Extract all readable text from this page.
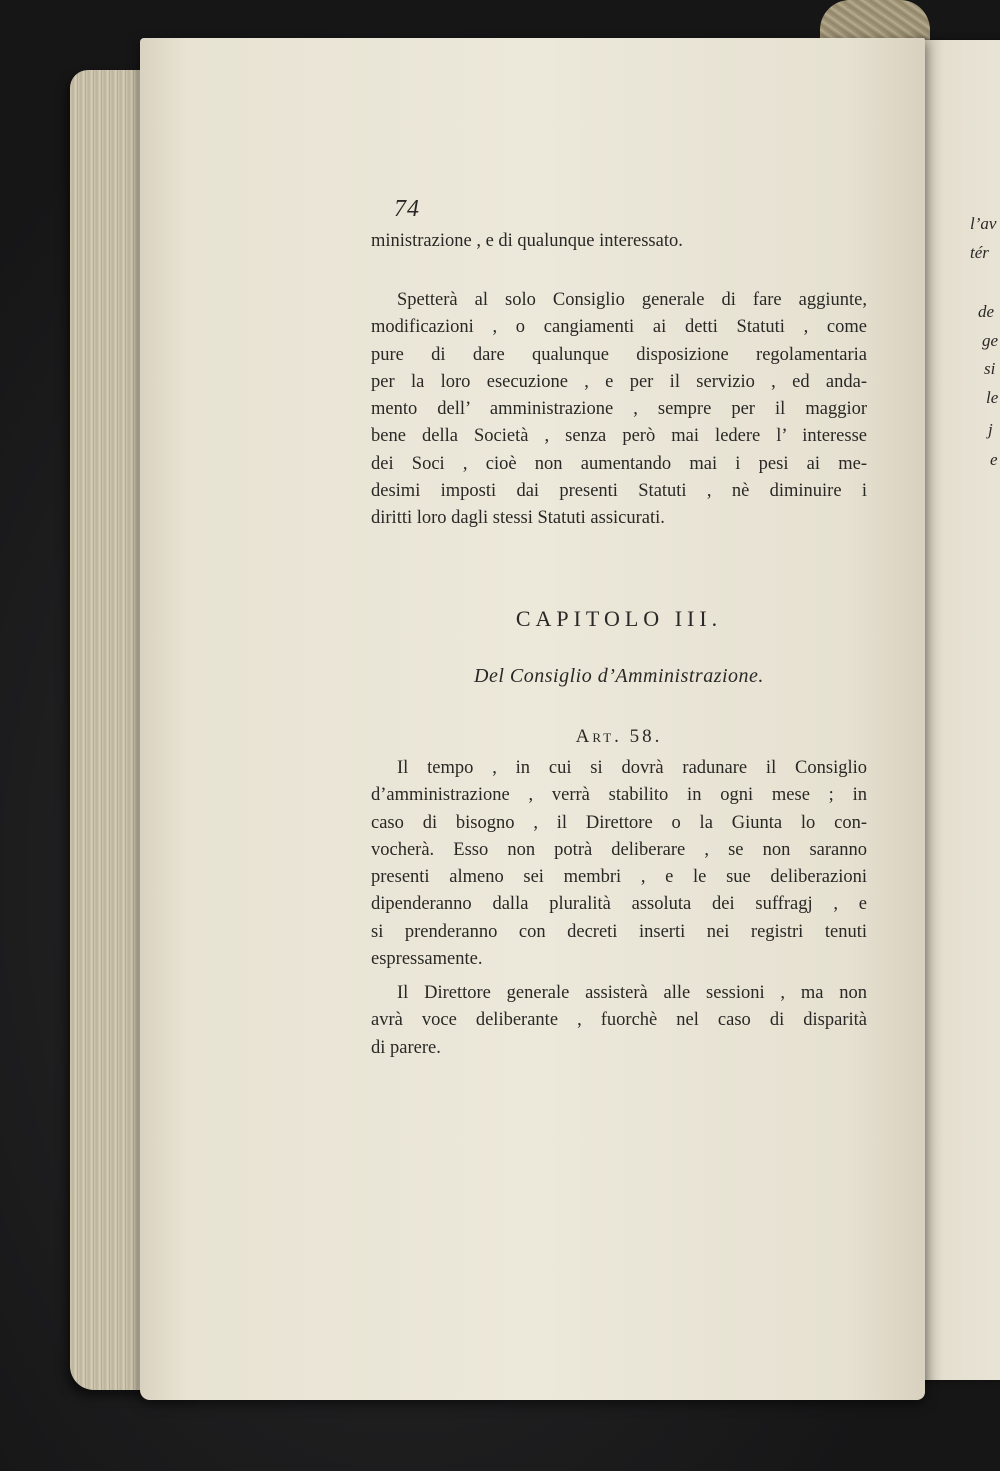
l’av
tér
de
ge
si
le
j
e
74
ministrazione , e di qualunque interessato.
Spetterà al solo Consiglio generale di fare aggiunte,
modificazioni , o cangiamenti ai detti Statuti , come
pure di dare qualunque disposizione regolamentaria
per la loro esecuzione , e per il servizio , ed anda-
mento dell’ amministrazione , sempre per il maggior
bene della Società , senza però mai ledere l’ interesse
dei Soci , cioè non aumentando mai i pesi ai me-
desimi imposti dai presenti Statuti , nè diminuire i
diritti loro dagli stessi Statuti assicurati.
CAPITOLO III.
Del Consiglio d’Amministrazione.
Art. 58.
Il tempo , in cui si dovrà radunare il Consiglio
d’amministrazione , verrà stabilito in ogni mese ; in
caso di bisogno , il Direttore o la Giunta lo con-
vocherà. Esso non potrà deliberare , se non saranno
presenti almeno sei membri , e le sue deliberazioni
dipenderanno dalla pluralità assoluta dei suffragj , e
si prenderanno con decreti inserti nei registri tenuti
espressamente.
Il Direttore generale assisterà alle sessioni , ma non
avrà voce deliberante , fuorchè nel caso di disparità
di parere.
